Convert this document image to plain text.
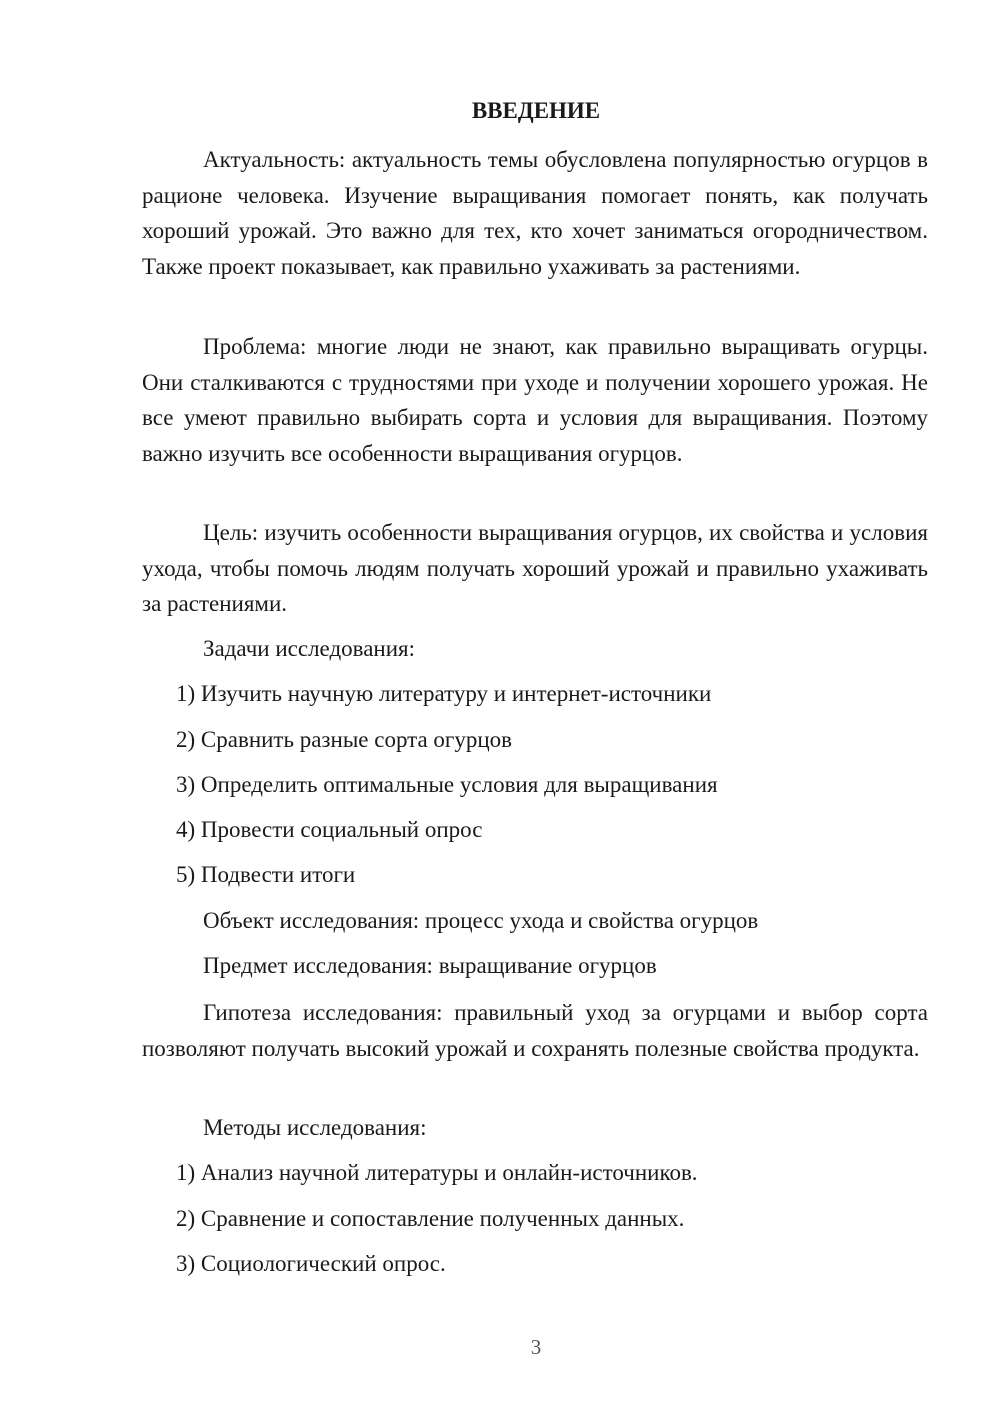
ВВЕДЕНИЕ

Актуальность: актуальность темы обусловлена популярностью огурцов в рационе человека. Изучение выращивания помогает понять, как получать хороший урожай. Это важно для тех, кто хочет заниматься огородничеством. Также проект показывает, как правильно ухаживать за растениями.

Проблема: многие люди не знают, как правильно выращивать огурцы. Они сталкиваются с трудностями при уходе и получении хорошего урожая. Не все умеют правильно выбирать сорта и условия для выращивания. Поэтому важно изучить все особенности выращивания огурцов.

Цель: изучить особенности выращивания огурцов, их свойства и условия ухода, чтобы помочь людям получать хороший урожай и правильно ухаживать за растениями.

Задачи исследования:

1) Изучить научную литературу и интернет-источники

2) Сравнить разные сорта огурцов

3) Определить оптимальные условия для выращивания

4) Провести социальный опрос

5) Подвести итоги

Объект исследования: процесс ухода и свойства огурцов

Предмет исследования: выращивание огурцов

Гипотеза исследования: правильный уход за огурцами и выбор сорта позволяют получать высокий урожай и сохранять полезные свойства продукта.

Методы исследования:

1) Анализ научной литературы и онлайн-источников.

2) Сравнение и сопоставление полученных данных.

3) Социологический опрос.

3
